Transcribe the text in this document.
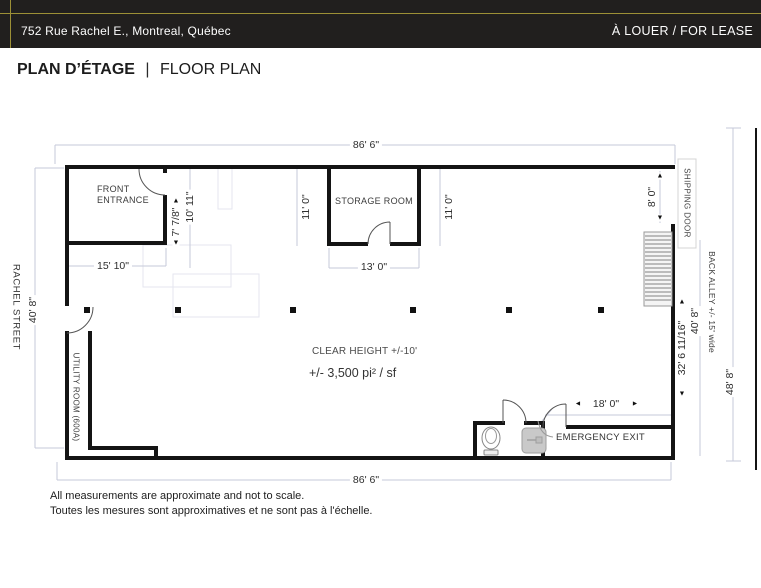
752 Rue Rachel E., Montreal, Québec	À LOUER / FOR LEASE
PLAN D’ÉTAGE | FLOOR PLAN
86' 6"
86' 6"
40' 8"
RACHEL STREET
FRONT
ENTRANCE
15' 10"
▲
7' 7/8"
▼
10' 11"	11' 0"	STORAGE ROOM	11' 0"
13' 0"
UTILITY ROOM (600A)
CLEAR HEIGHT +/-10'
+/- 3,500 pi² / sf
▲
8' 0"
▼ SHIPPING DOOR
▲
32' 6 11/16"
▼
40' 8" BACK ALLEY +/- 15' wide
48' 8"
◄ 18' 0"	►
EMERGENCY EXIT
All measurements are approximate and not to scale.
Toutes les mesures sont approximatives et ne sont pas à l'échelle.
